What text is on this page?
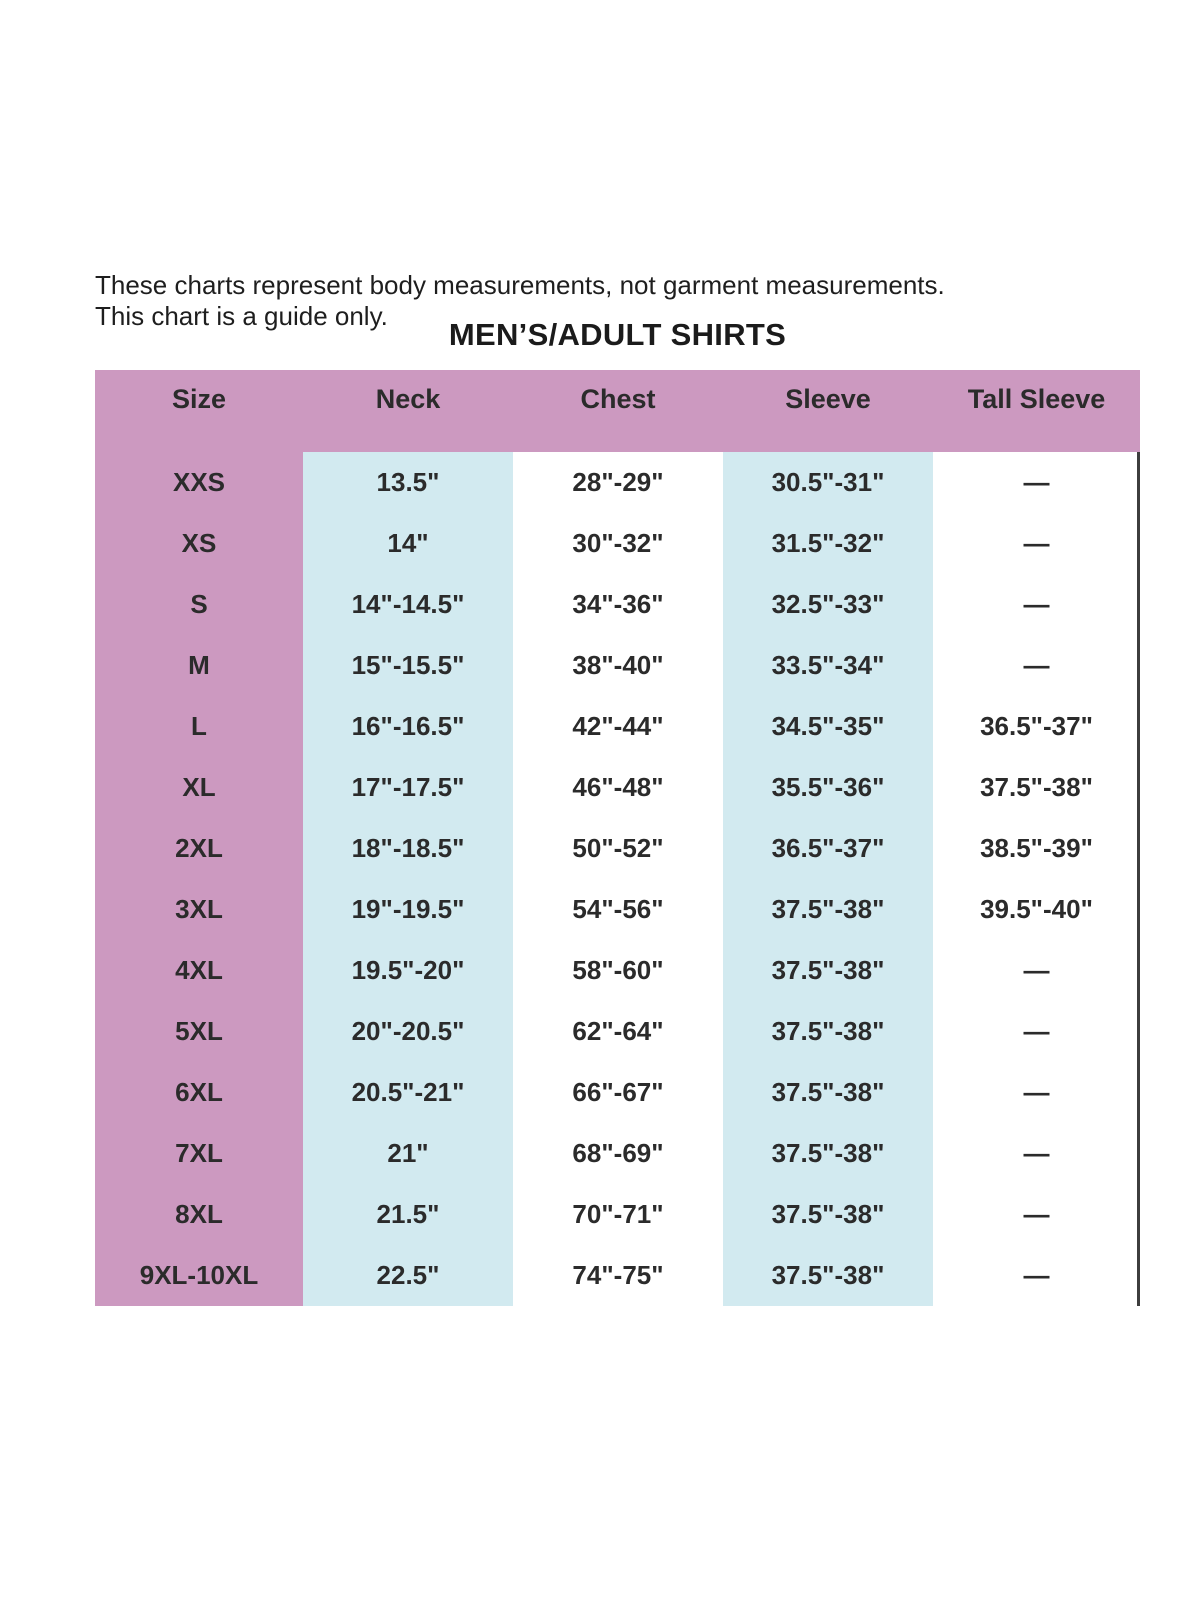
These charts represent body measurements, not garment measurements.
This chart is a guide only.
MEN’S/ADULT SHIRTS
Size	Neck	Chest	Sleeve	Tall Sleeve
XXS	13.5"	28"-29"	30.5"-31"	—
XS	14"	30"-32"	31.5"-32"	—
S	14"-14.5"	34"-36"	32.5"-33"	—
M	15"-15.5"	38"-40"	33.5"-34"	—
L	16"-16.5"	42"-44"	34.5"-35"	36.5"-37"
XL	17"-17.5"	46"-48"	35.5"-36"	37.5"-38"
2XL	18"-18.5"	50"-52"	36.5"-37"	38.5"-39"
3XL	19"-19.5"	54"-56"	37.5"-38"	39.5"-40"
4XL	19.5"-20"	58"-60"	37.5"-38"	—
5XL	20"-20.5"	62"-64"	37.5"-38"	—
6XL	20.5"-21"	66"-67"	37.5"-38"	—
7XL	21"	68"-69"	37.5"-38"	—
8XL	21.5"	70"-71"	37.5"-38"	—
9XL-10XL	22.5"	74"-75"	37.5"-38"	—
